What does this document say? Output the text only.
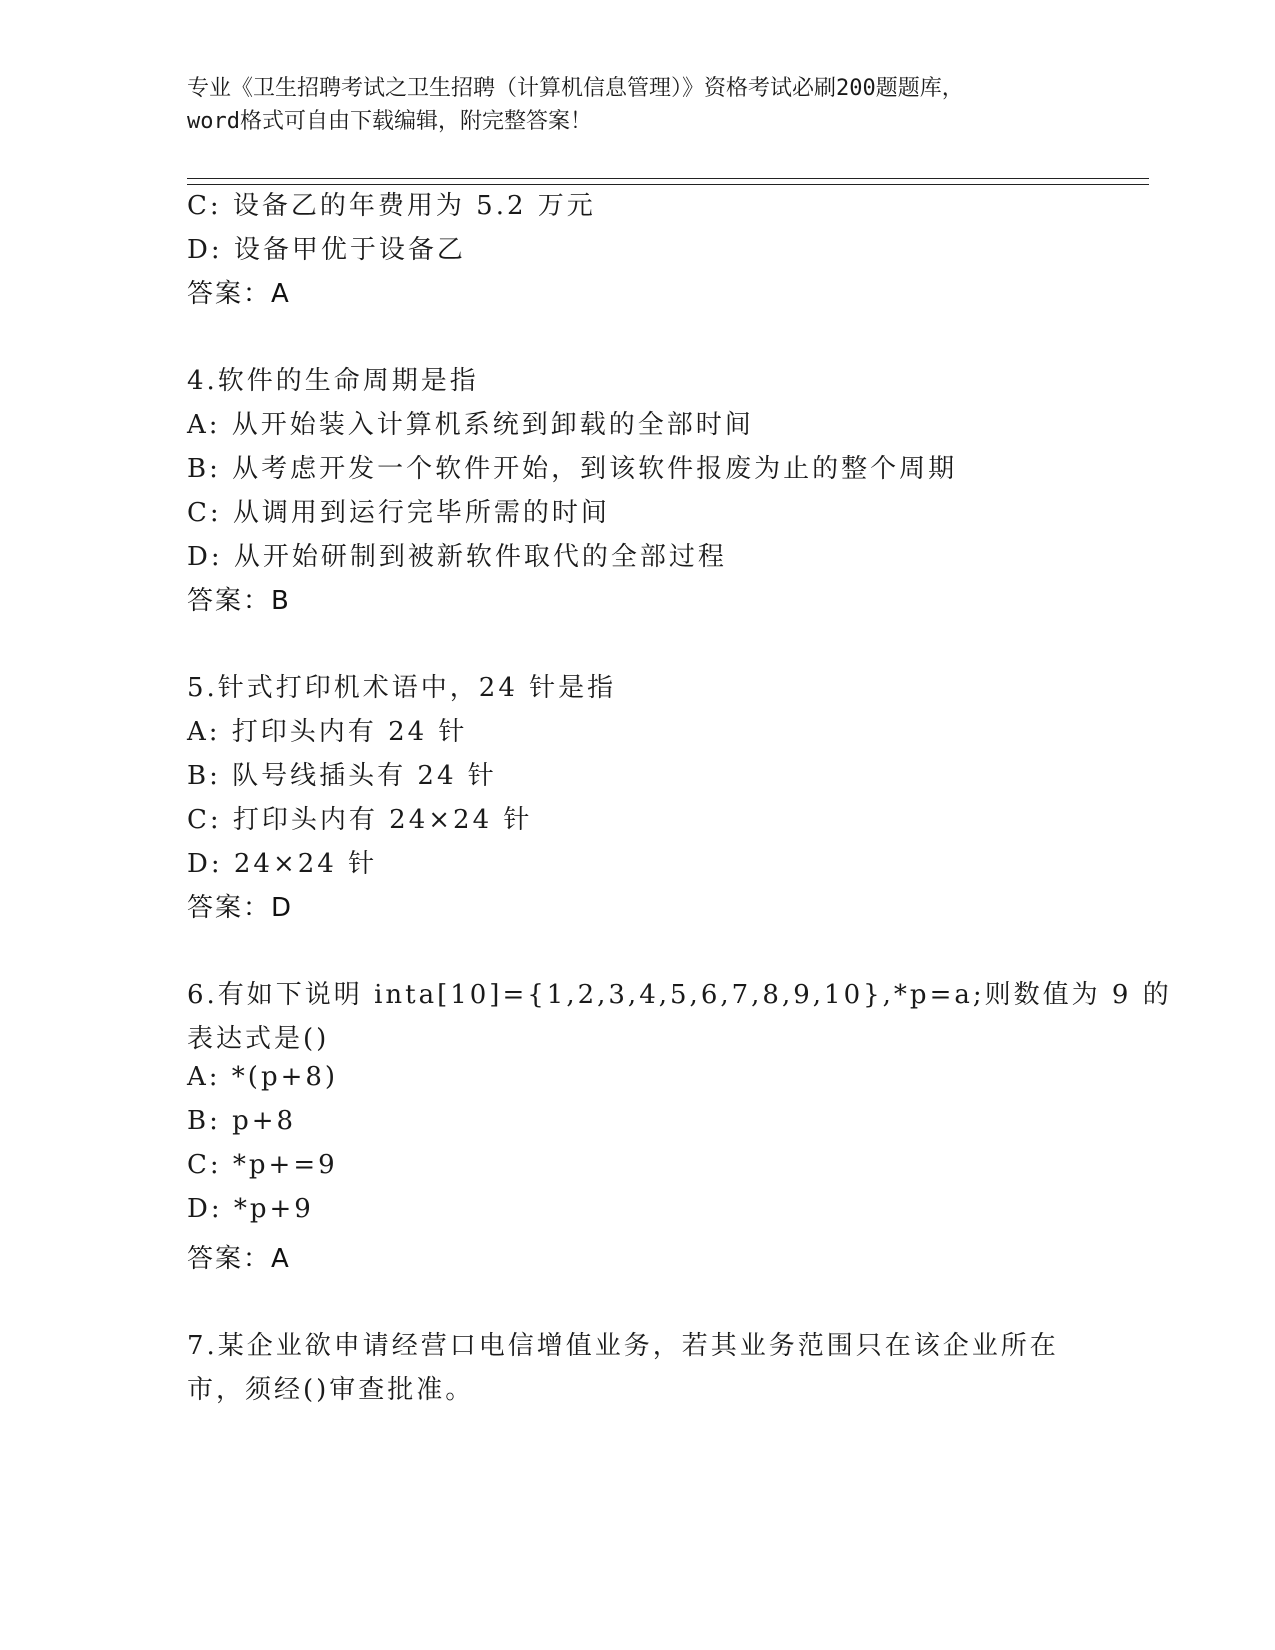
专业《卫生招聘考试之卫生招聘（计算机信息管理）》资格考试必刷200题题库，

word格式可自由下载编辑，附完整答案！

C: 设备乙的年费用为 5.2 万元
D: 设备甲优于设备乙
答案：A
4.软件的生命周期是指
A: 从开始装入计算机系统到卸载的全部时间
B: 从考虑开发一个软件开始，到该软件报废为止的整个周期
C: 从调用到运行完毕所需的时间
D: 从开始研制到被新软件取代的全部过程
答案：B
5.针式打印机术语中，24 针是指
A: 打印头内有 24 针
B: 队号线插头有 24 针
C: 打印头内有 24×24 针
D: 24×24 针
答案：D
6.有如下说明 inta[10]={1,2,3,4,5,6,7,8,9,10},*p=a;则数值为 9 的
表达式是()
A: *(p+8)
B: p+8
C: *p+=9
D: *p+9
答案：A
7.某企业欲申请经营口电信增值业务，若其业务范围只在该企业所在
市，须经()审查批准。
